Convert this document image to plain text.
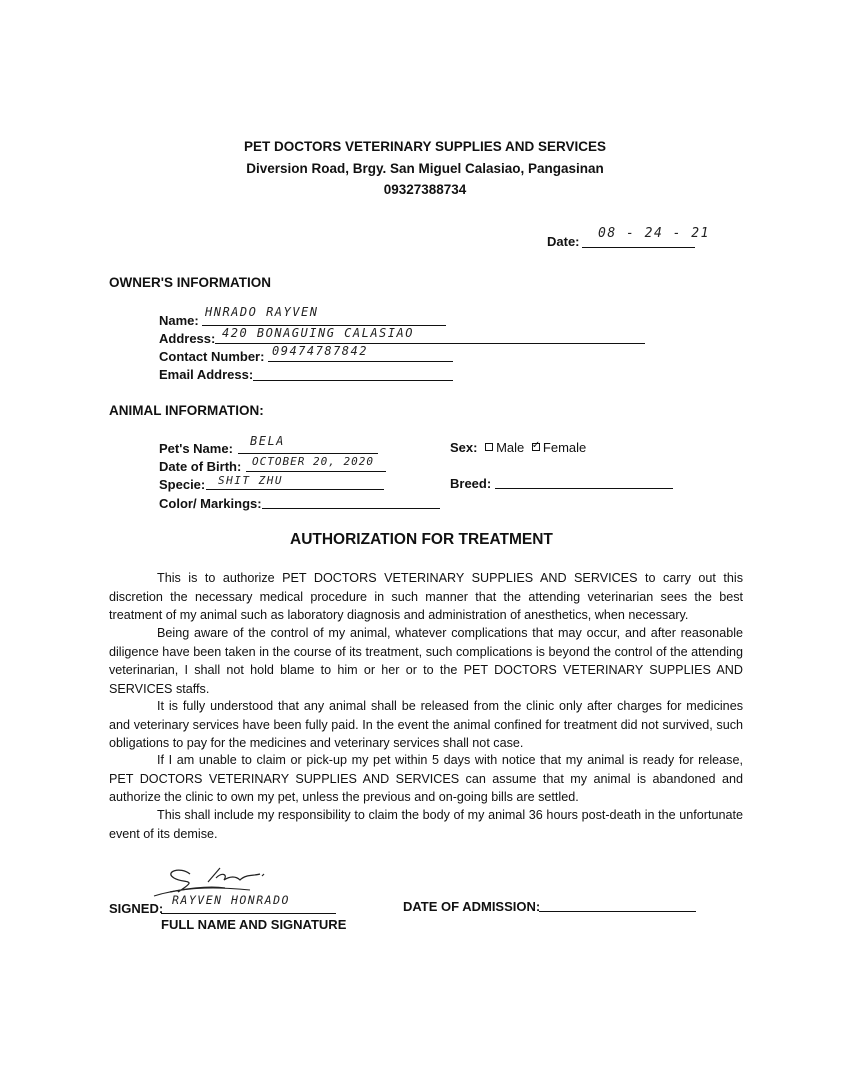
PET DOCTORS VETERINARY SUPPLIES AND SERVICES
Diversion Road, Brgy. San Miguel Calasiao, Pangasinan
09327388734
Date:
08 - 24 - 21
OWNER'S INFORMATION
Name:
HNRADO RAYVEN
Address: 420 BONAGUING CALASIAO
Contact Number: 09474787842
Email Address:
ANIMAL INFORMATION:
Pet's Name: BELA
Date of Birth: OCTOBER 20, 2020
Specie: SHIT ZHU
Color/ Markings:
Sex: Male ✓ Female
Breed:
AUTHORIZATION FOR TREATMENT

This is to authorize PET DOCTORS VETERINARY SUPPLIES AND SERVICES to carry out this discretion the necessary medical procedure in such manner that the attending veterinarian sees the best treatment of my animal such as laboratory diagnosis and administration of anesthetics, when necessary.

Being aware of the control of my animal, whatever complications that may occur, and after reasonable diligence have been taken in the course of its treatment, such complications is beyond the control of the attending veterinarian, I shall not hold blame to him or her or to the PET DOCTORS VETERINARY SUPPLIES AND SERVICES staffs.

It is fully understood that any animal shall be released from the clinic only after charges for medicines and veterinary services have been fully paid. In the event the animal confined for treatment did not survived, such obligations to pay for the medicines and veterinary services shall not case.

If I am unable to claim or pick-up my pet within 5 days with notice that my animal is ready for release, PET DOCTORS VETERINARY SUPPLIES AND SERVICES can assume that my animal is abandoned and authorize the clinic to own my pet, unless the previous and on-going bills are settled.

This shall include my responsibility to claim the body of my animal 36 hours post-death in the unfortunate event of its demise.

SIGNED:
RAYVEN HONRADO
FULL NAME AND SIGNATURE
DATE OF ADMISSION:
